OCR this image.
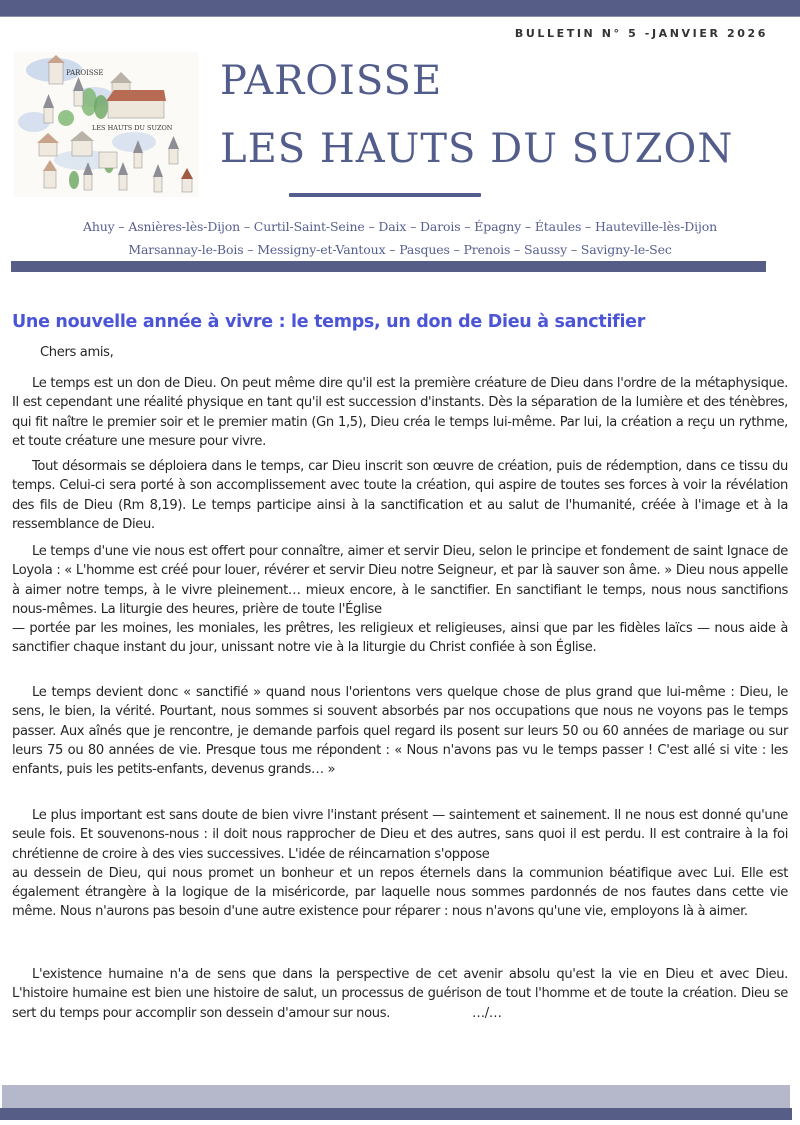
BULLETIN N° 5 -JANVIER 2026
PAROISSE
LES HAUTS DU SUZON
PAROISSE
LES HAUTS DU SUZON
Ahuy – Asnières-lès-Dijon – Curtil-Saint-Seine – Daix – Darois – Épagny – Étaules – Hauteville-lès-Dijon
Marsannay-le-Bois – Messigny-et-Vantoux – Pasques – Prenois – Saussy – Savigny-le-Sec
Une nouvelle année à vivre : le temps, un don de Dieu à sanctifier
Chers amis,

Le temps est un don de Dieu. On peut même dire qu'il est la première créature de Dieu dans l'ordre de la métaphysique. Il est cependant une réalité physique en tant qu'il est succession d'instants. Dès la séparation de la lumière et des ténèbres, qui fit naître le premier soir et le premier matin (Gn 1,5), Dieu créa le temps lui-même. Par lui, la création a reçu un rythme, et toute créature une mesure pour vivre.

Tout désormais se déploiera dans le temps, car Dieu inscrit son œuvre de création, puis de rédemption, dans ce tissu du temps. Celui-ci sera porté à son accomplissement avec toute la création, qui aspire de toutes ses forces à voir la révélation des fils de Dieu (Rm 8,19). Le temps participe ainsi à la sanctification et au salut de l'humanité, créée à l'image et à la ressemblance de Dieu.

Le temps d'une vie nous est offert pour connaître, aimer et servir Dieu, selon le principe et fondement de saint Ignace de Loyola : « L'homme est créé pour louer, révérer et servir Dieu notre Seigneur, et par là sauver son âme. » Dieu nous appelle à aimer notre temps, à le vivre pleinement… mieux encore, à le sanctifier. En sanctifiant le temps, nous nous sanctifions nous-mêmes. La liturgie des heures, prière de toute l'Église

— portée par les moines, les moniales, les prêtres, les religieux et religieuses, ainsi que par les fidèles laïcs — nous aide à sanctifier chaque instant du jour, unissant notre vie à la liturgie du Christ confiée à son Église.

Le temps devient donc « sanctifié » quand nous l'orientons vers quelque chose de plus grand que lui-même : Dieu, le sens, le bien, la vérité. Pourtant, nous sommes si souvent absorbés par nos occupations que nous ne voyons pas le temps passer. Aux aînés que je rencontre, je demande parfois quel regard ils posent sur leurs 50 ou 60 années de mariage ou sur leurs 75 ou 80 années de vie. Presque tous me répondent : « Nous n'avons pas vu le temps passer ! C'est allé si vite : les enfants, puis les petits-enfants, devenus grands… »

Le plus important est sans doute de bien vivre l'instant présent — saintement et sainement. Il ne nous est donné qu'une seule fois. Et souvenons-nous : il doit nous rapprocher de Dieu et des autres, sans quoi il est perdu. Il est contraire à la foi chrétienne de croire à des vies successives. L'idée de réincarnation s'oppose

au dessein de Dieu, qui nous promet un bonheur et un repos éternels dans la communion béatifique avec Lui. Elle est également étrangère à la logique de la miséricorde, par laquelle nous sommes pardonnés de nos fautes dans cette vie même. Nous n'aurons pas besoin d'une autre existence pour réparer : nous n'avons qu'une vie, employons là à aimer.

L'existence humaine n'a de sens que dans la perspective de cet avenir absolu qu'est la vie en Dieu et avec Dieu. L'histoire humaine est bien une histoire de salut, un processus de guérison de tout l'homme et de toute la création. Dieu se sert du temps pour accomplir son dessein d'amour sur nous.	…/…
